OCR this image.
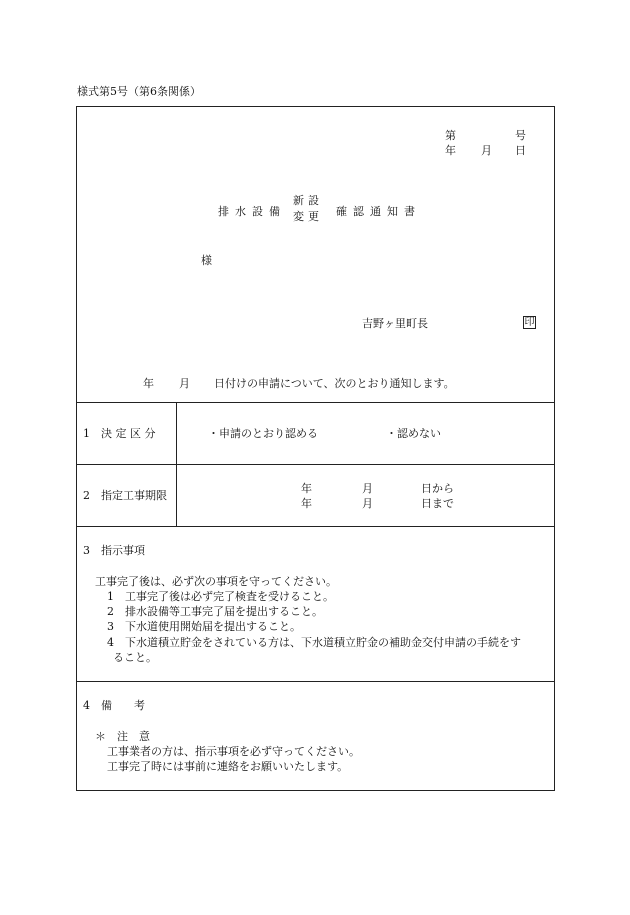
様式第5号（第6条関係）
第	号
年 月 日
排水設備
新設
変更 確認通知書
様
吉野ヶ里町長	印
年 月 日付けの申請について、次のとおり通知します。
1　決 定 区 分	・申請のとおり認める	・認めない
2　指定工事期限
年	月	日から
年	月	日まで
3　指示事項
工事完了後は、必ず次の事項を守ってください。
1　工事完了後は必ず完了検査を受けること。
2　排水設備等工事完了届を提出すること。
3　下水道使用開始届を提出すること。
4　下水道積立貯金をされている方は、下水道積立貯金の補助金交付申請の手続をす
ること。
4　備　　考
＊　注　意
工事業者の方は、指示事項を必ず守ってください。
工事完了時には事前に連絡をお願いいたします。
